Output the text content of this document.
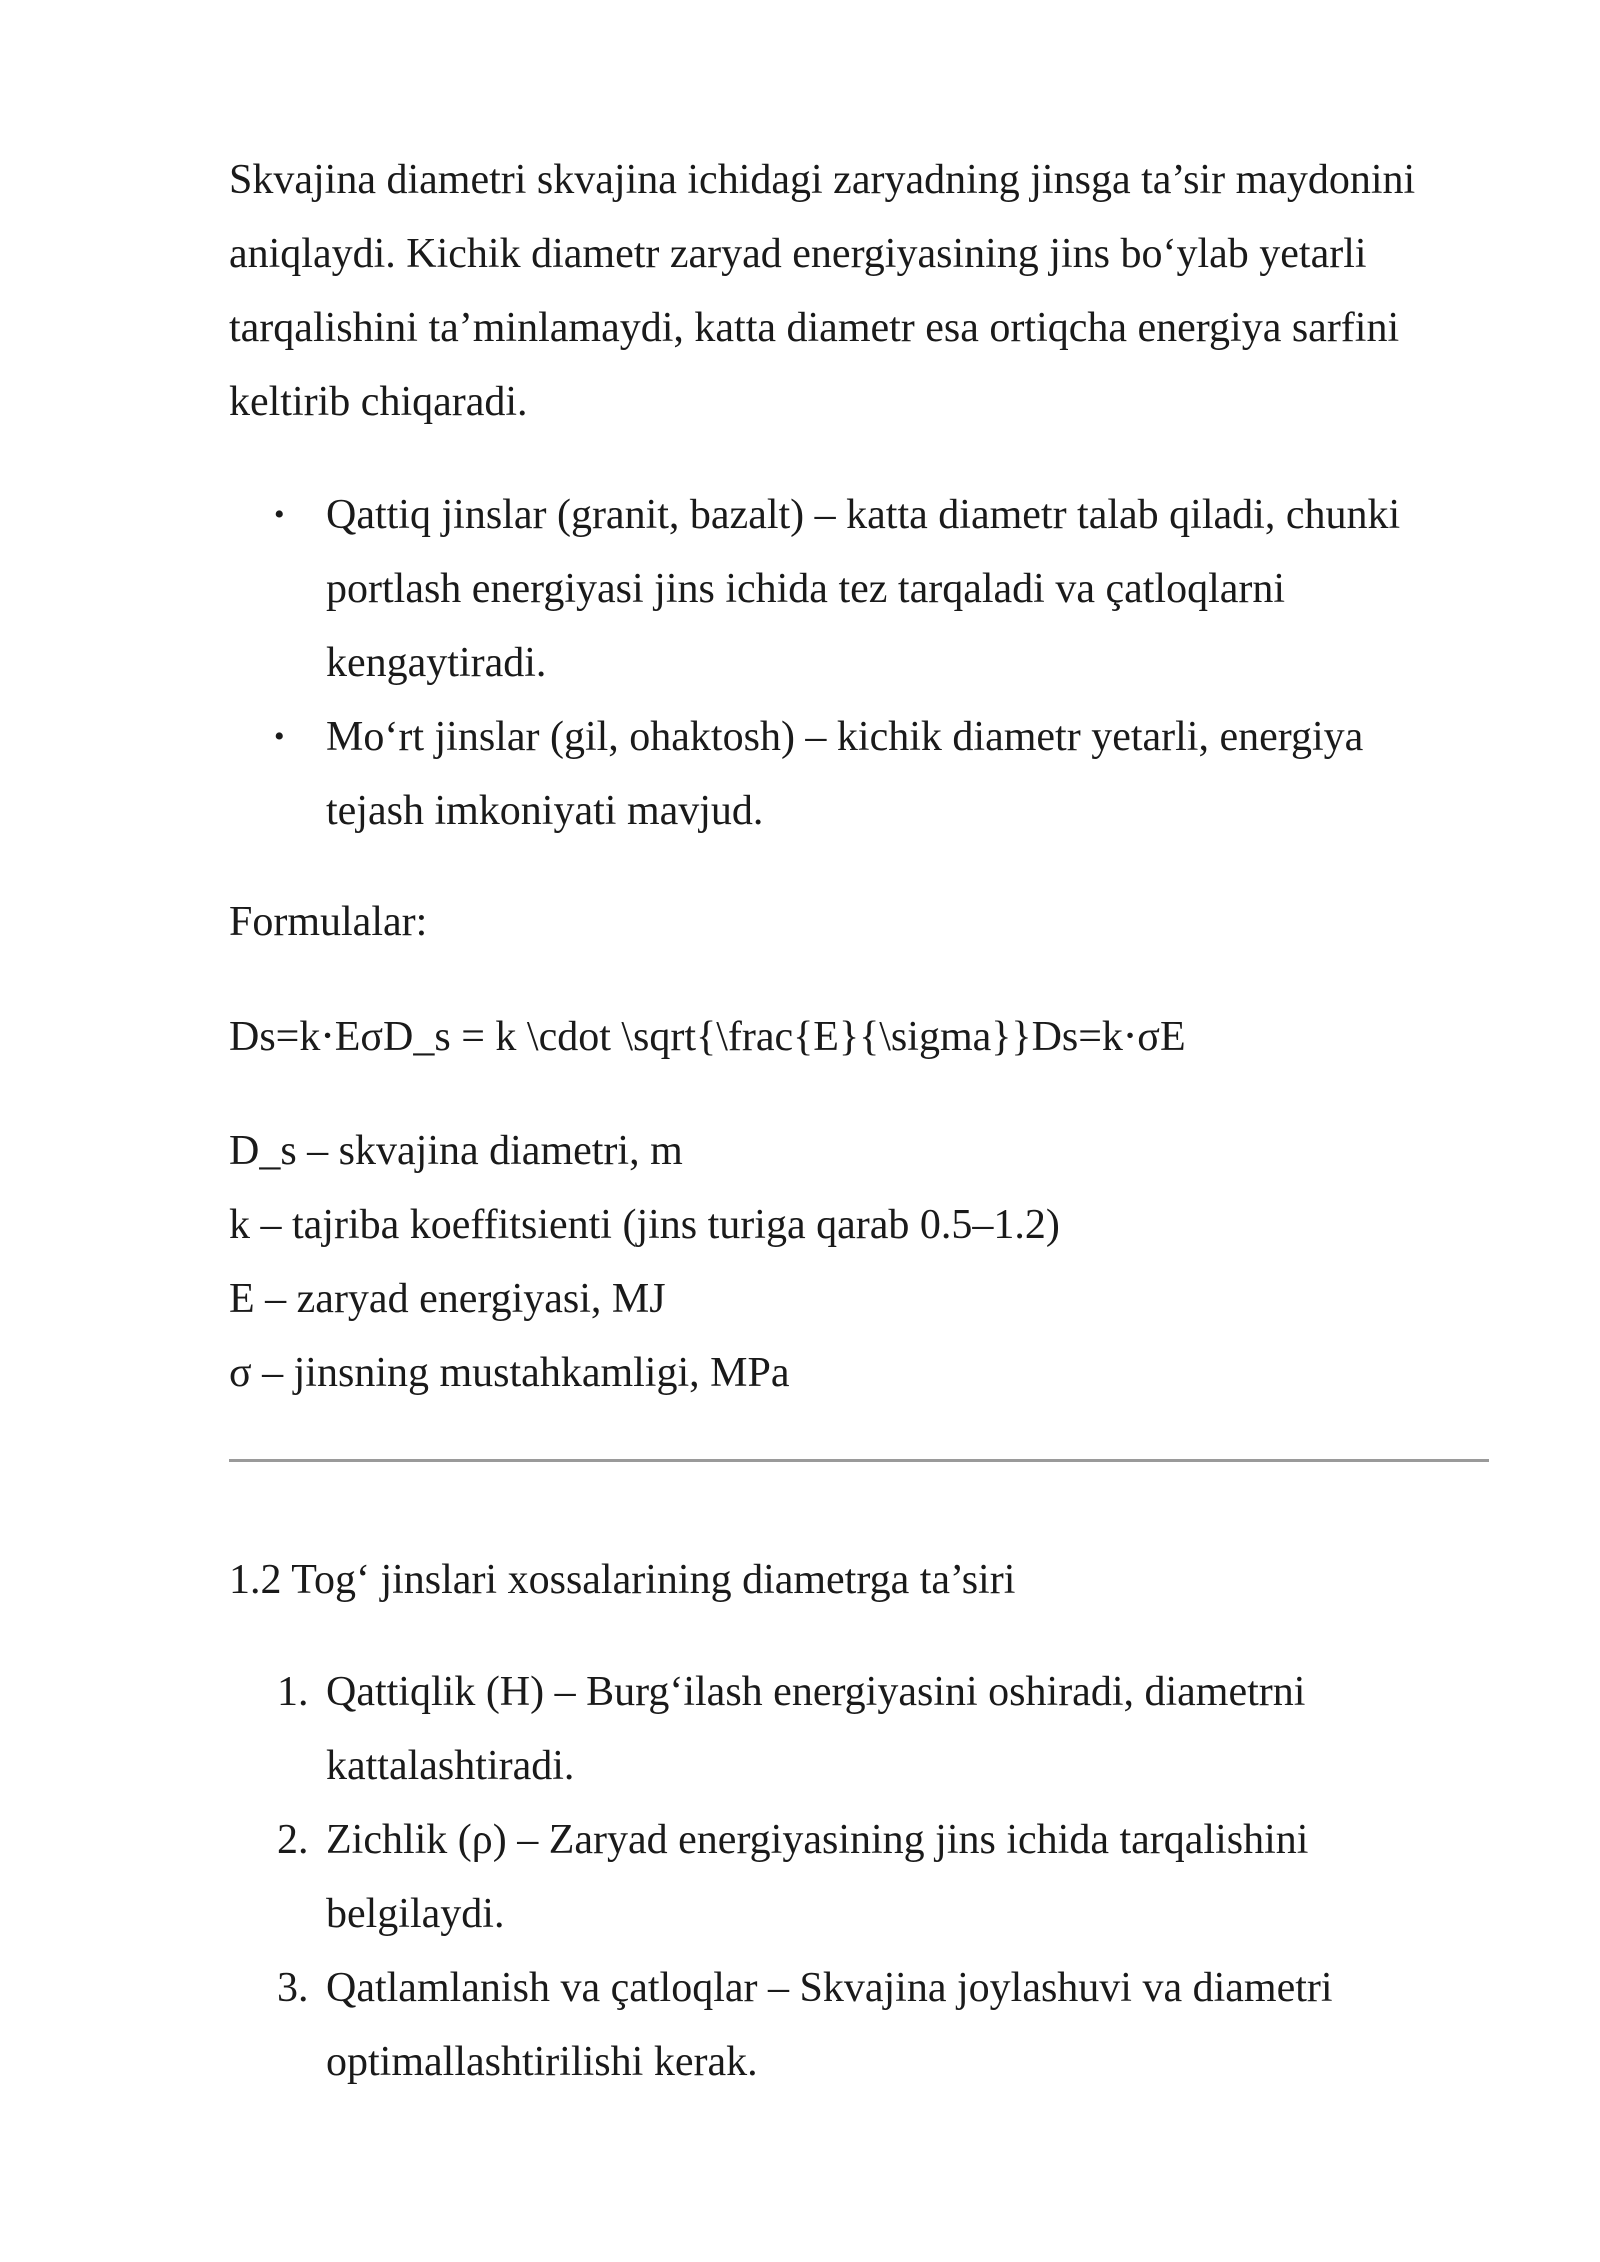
Skvajina diametri skvajina ichidagi zaryadning jinsga ta’sir maydonini aniqlaydi. Kichik diametr zaryad energiyasining jins bo‘ylab yetarli tarqalishini ta’minlamaydi, katta diametr esa ortiqcha energiya sarfini keltirib chiqaradi.

• Qattiq jinslar (granit, bazalt) – katta diametr talab qiladi, chunki portlash energiyasi jins ichida tez tarqaladi va çatloqlarni kengaytiradi.
• Mo‘rt jinslar (gil, ohaktosh) – kichik diametr yetarli, energiya tejash imkoniyati mavjud.

Formulalar:

Ds=k⋅EσD_s = k \cdot \sqrt{\frac{E}{\sigma}}Ds=k⋅σE

D_s – skvajina diametri, m
k – tajriba koeffitsienti (jins turiga qarab 0.5–1.2)
E – zaryad energiyasi, MJ
σ – jinsning mustahkamligi, MPa

1.2 Tog‘ jinslari xossalarining diametrga ta’siri

1. Qattiqlik (H) – Burg‘ilash energiyasini oshiradi, diametrni kattalashtiradi.
2. Zichlik (ρ) – Zaryad energiyasining jins ichida tarqalishini belgilaydi.
3. Qatlamlanish va çatloqlar – Skvajina joylashuvi va diametri optimallashtirilishi kerak.
